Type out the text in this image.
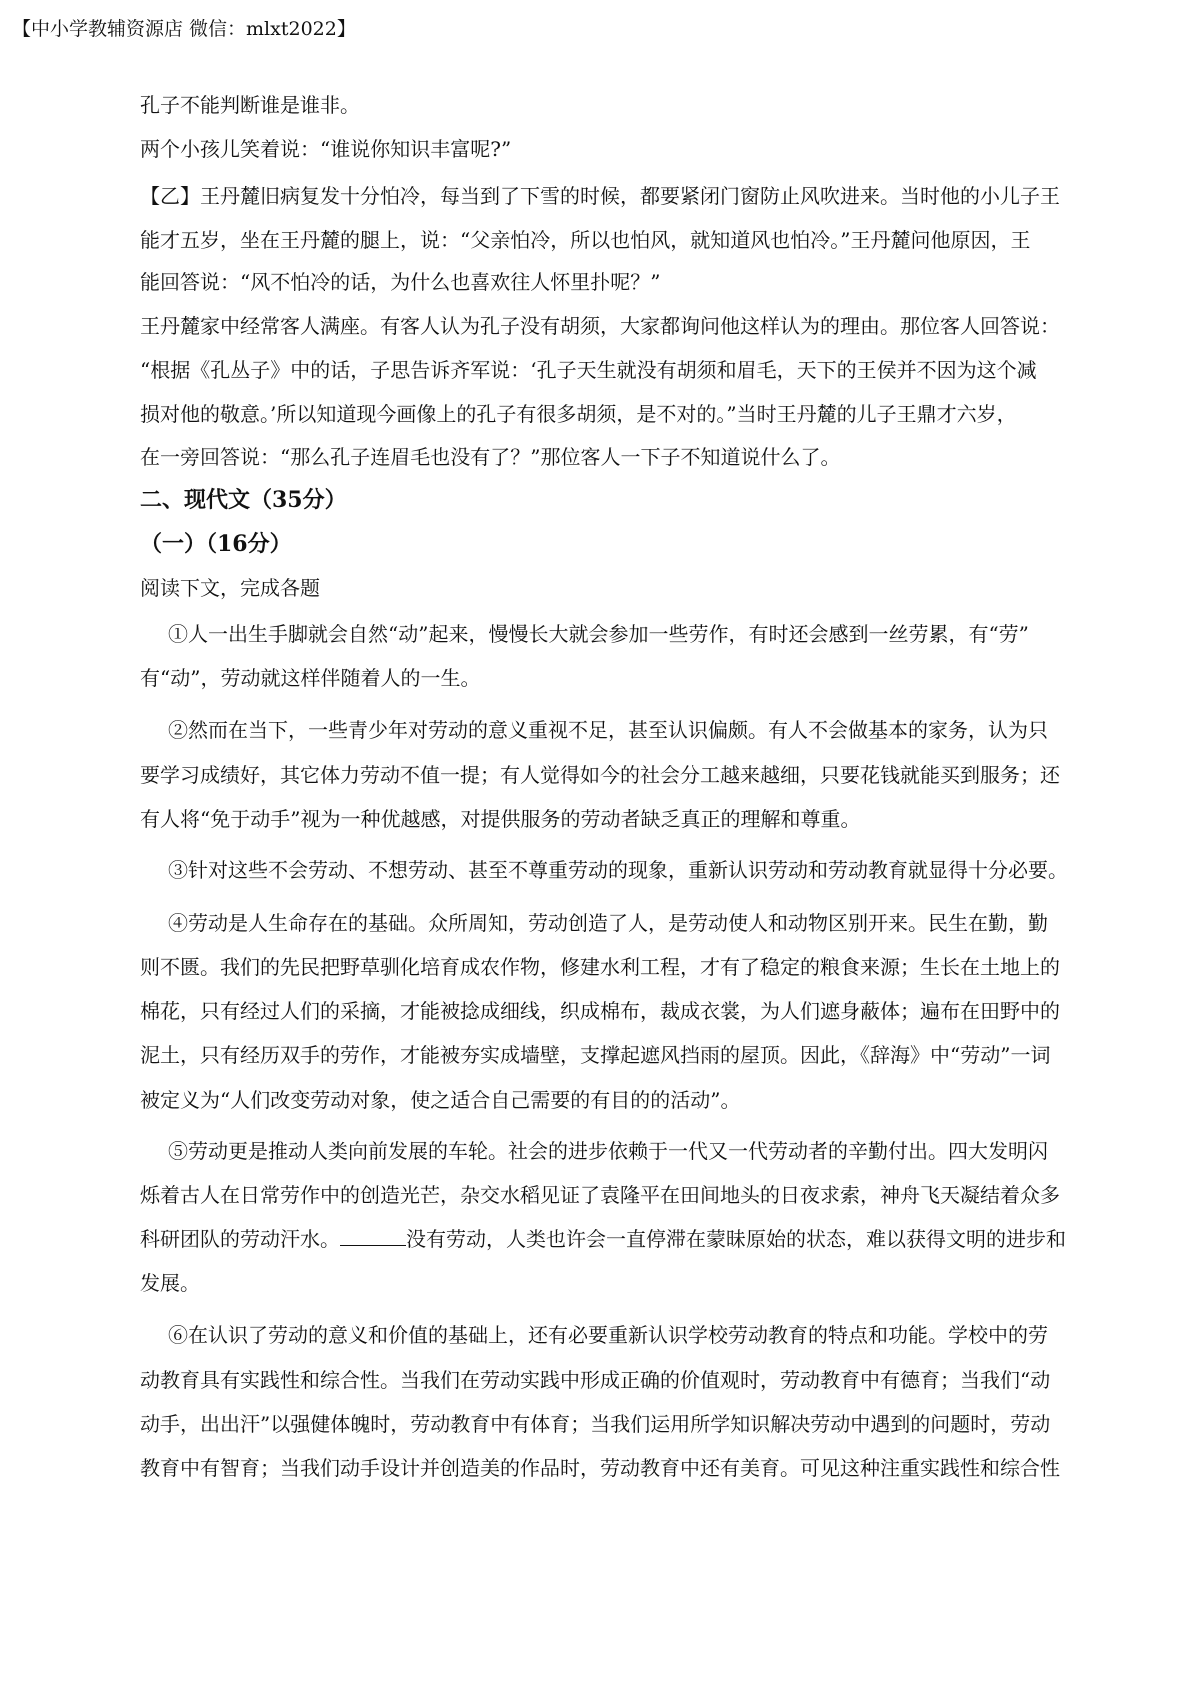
【中小学教辅资源店 微信：mlxt2022】
孔子不能判断谁是谁非。
两个小孩儿笑着说：“谁说你知识丰富呢?”
【乙】王丹麓旧病复发十分怕冷，每当到了下雪的时候，都要紧闭门窗防止风吹进来。当时他的小儿子王
能才五岁，坐在王丹麓的腿上，说：“父亲怕冷，所以也怕风，就知道风也怕冷。”王丹麓问他原因，王
能回答说：“风不怕冷的话，为什么也喜欢往人怀里扑呢？”
王丹麓家中经常客人满座。有客人认为孔子没有胡须，大家都询问他这样认为的理由。那位客人回答说：
“根据《孔丛子》中的话，子思告诉齐军说：‘孔子天生就没有胡须和眉毛，天下的王侯并不因为这个减
损对他的敬意。’所以知道现今画像上的孔子有很多胡须，是不对的。”当时王丹麓的儿子王鼎才六岁，
在一旁回答说：“那么孔子连眉毛也没有了？”那位客人一下子不知道说什么了。
二、现代文（35分）
（一）（16分）
阅读下文，完成各题
①人一出生手脚就会自然“动”起来，慢慢长大就会参加一些劳作，有时还会感到一丝劳累，有“劳”
有“动”，劳动就这样伴随着人的一生。
②然而在当下，一些青少年对劳动的意义重视不足，甚至认识偏颇。有人不会做基本的家务，认为只
要学习成绩好，其它体力劳动不值一提；有人觉得如今的社会分工越来越细，只要花钱就能买到服务；还
有人将“免于动手”视为一种优越感，对提供服务的劳动者缺乏真正的理解和尊重。
③针对这些不会劳动、不想劳动、甚至不尊重劳动的现象，重新认识劳动和劳动教育就显得十分必要。
④劳动是人生命存在的基础。众所周知，劳动创造了人，是劳动使人和动物区别开来。民生在勤，勤
则不匮。我们的先民把野草驯化培育成农作物，修建水利工程，才有了稳定的粮食来源；生长在土地上的
棉花，只有经过人们的采摘，才能被捻成细线，织成棉布，裁成衣裳，为人们遮身蔽体；遍布在田野中的
泥土，只有经历双手的劳作，才能被夯实成墙壁，支撑起遮风挡雨的屋顶。因此，《辞海》中“劳动”一词
被定义为“人们改变劳动对象，使之适合自己需要的有目的的活动”。
⑤劳动更是推动人类向前发展的车轮。社会的进步依赖于一代又一代劳动者的辛勤付出。四大发明闪
烁着古人在日常劳作中的创造光芒，杂交水稻见证了袁隆平在田间地头的日夜求索，神舟飞天凝结着众多
科研团队的劳动汗水。	没有劳动，人类也许会一直停滞在蒙昧原始的状态，难以获得文明的进步和
发展。
⑥在认识了劳动的意义和价值的基础上，还有必要重新认识学校劳动教育的特点和功能。学校中的劳
动教育具有实践性和综合性。当我们在劳动实践中形成正确的价值观时，劳动教育中有德育；当我们“动
动手，出出汗”以强健体魄时，劳动教育中有体育；当我们运用所学知识解决劳动中遇到的问题时，劳动
教育中有智育；当我们动手设计并创造美的作品时，劳动教育中还有美育。可见这种注重实践性和综合性
